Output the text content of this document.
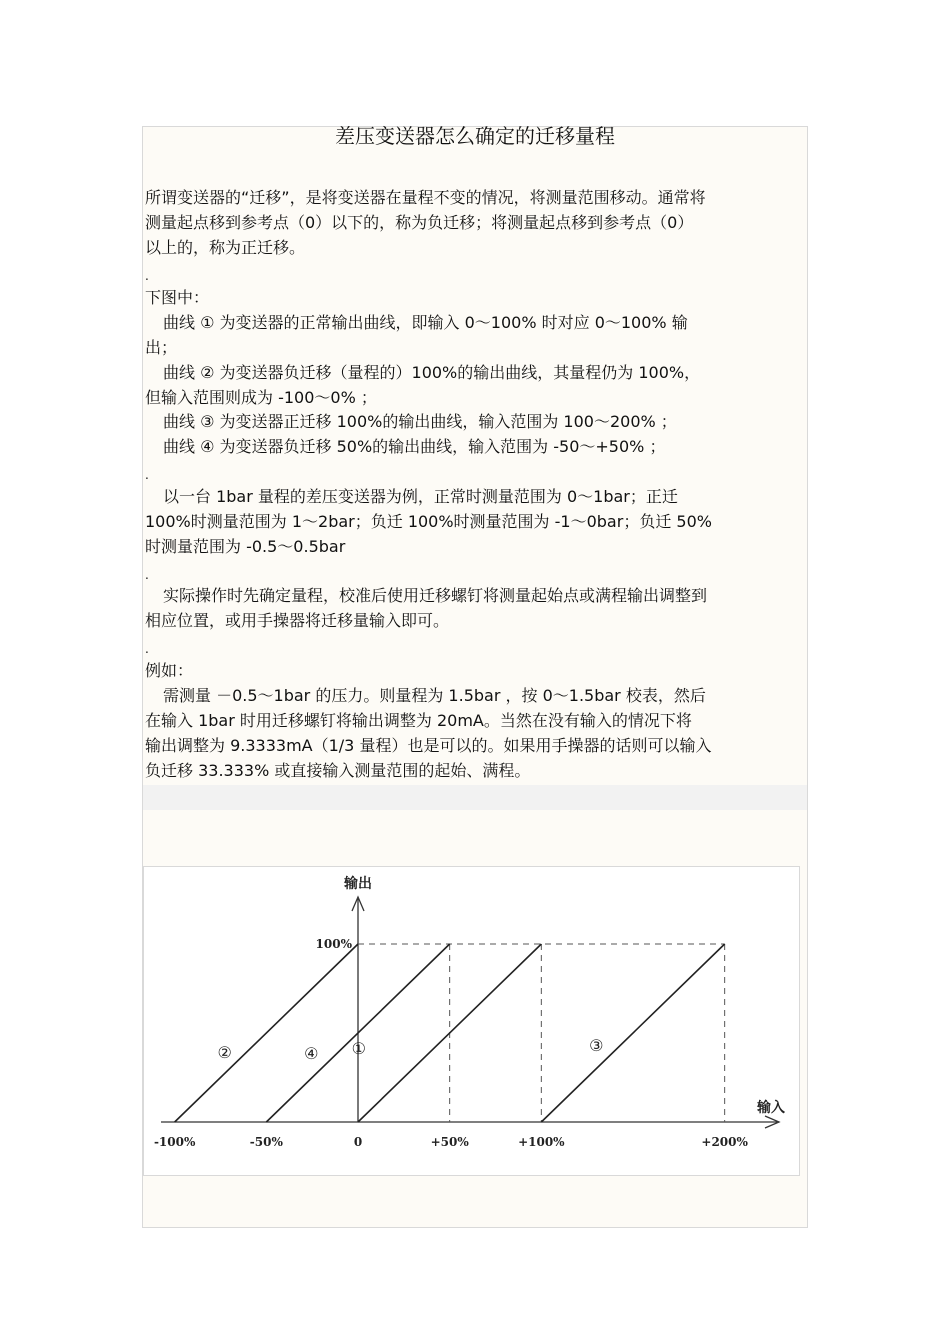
差压变送器怎么确定的迁移量程
所谓变送器的“迁移”，是将变送器在量程不变的情况，将测量范围移动。通常将
测量起点移到参考点（0）以下的，称为负迁移；将测量起点移到参考点（0）
以上的，称为正迁移。
.
下图中：
曲线 ① 为变送器的正常输出曲线，即输入 0～100% 时对应 0～100% 输
出；
曲线 ② 为变送器负迁移（量程的）100%的输出曲线，其量程仍为 100%，
但输入范围则成为 -100～0% ；
曲线 ③ 为变送器正迁移 100%的输出曲线，输入范围为 100～200% ；
曲线 ④ 为变送器负迁移 50%的输出曲线，输入范围为 -50～+50% ；
.
以一台 1bar 量程的差压变送器为例，正常时测量范围为 0～1bar；正迁
100%时测量范围为 1～2bar；负迁 100%时测量范围为 -1～0bar；负迁 50%
时测量范围为 -0.5～0.5bar
.
实际操作时先确定量程，校准后使用迁移螺钉将测量起始点或满程输出调整到
相应位置，或用手操器将迁移量输入即可。
.
例如：
需测量 －0.5～1bar 的压力。则量程为 1.5bar ，按 0～1.5bar 校表，然后
在输入 1bar 时用迁移螺钉将输出调整为 20mA。当然在没有输入的情况下将
输出调整为 9.3333mA（1/3 量程）也是可以的。如果用手操器的话则可以输入
负迁移 33.333% 或直接输入测量范围的起始、满程。
①
②	③
④
-100%	-50%	0	+50%	+100%	+200%
100%
输出
输入
